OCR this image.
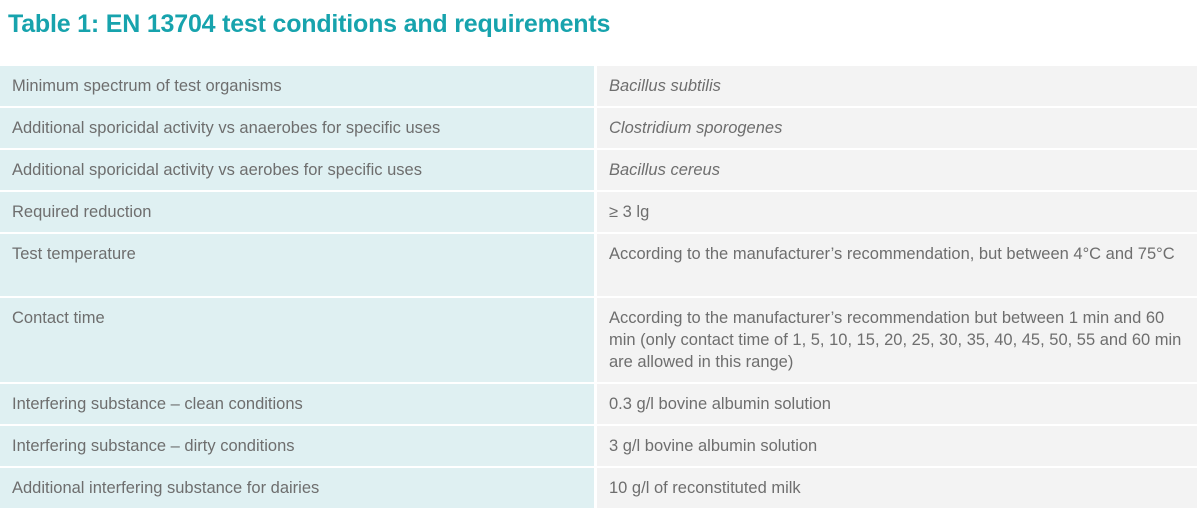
Table 1: EN 13704 test conditions and requirements
Minimum spectrum of test organisms	Bacillus subtilis
Additional sporicidal activity vs anaerobes for specific uses	Clostridium sporogenes
Additional sporicidal activity vs aerobes for specific uses	Bacillus cereus
Required reduction	≥ 3 lg
Test temperature	According to the manufacturer’s recommendation, but between 4°C and 75°C
Contact time	According to the manufacturer’s recommendation but between 1 min and 60 min (only contact time of 1, 5, 10, 15, 20, 25, 30, 35, 40, 45, 50, 55 and 60 min are allowed in this range)
Interfering substance – clean conditions	0.3 g/l bovine albumin solution
Interfering substance – dirty conditions	3 g/l bovine albumin solution
Additional interfering substance for dairies	10 g/l of reconstituted milk
